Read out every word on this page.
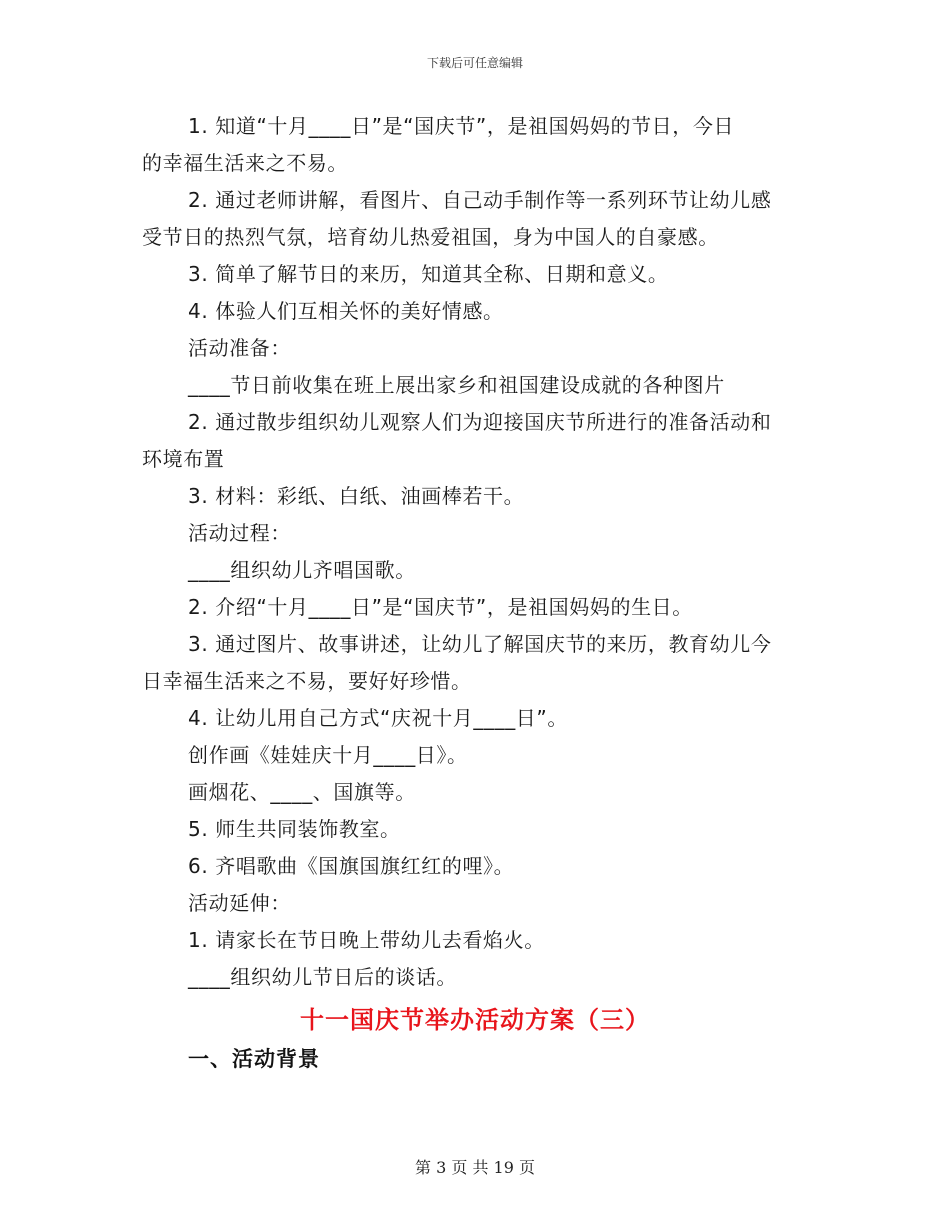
下载后可任意编辑
1. 知道“十月____日”是“国庆节”，是祖国妈妈的节日，今日
的幸福生活来之不易。
2. 通过老师讲解，看图片、自己动手制作等一系列环节让幼儿感
受节日的热烈气氛，培育幼儿热爱祖国，身为中国人的自豪感。
3. 简单了解节日的来历，知道其全称、日期和意义。
4. 体验人们互相关怀的美好情感。
活动准备：
____节日前收集在班上展出家乡和祖国建设成就的各种图片
2. 通过散步组织幼儿观察人们为迎接国庆节所进行的准备活动和
环境布置
3. 材料：彩纸、白纸、油画棒若干。
活动过程：
____组织幼儿齐唱国歌。
2. 介绍“十月____日”是“国庆节”，是祖国妈妈的生日。
3. 通过图片、故事讲述，让幼儿了解国庆节的来历，教育幼儿今
日幸福生活来之不易，要好好珍惜。
4. 让幼儿用自己方式“庆祝十月____日”。
创作画《娃娃庆十月____日》。
画烟花、____、国旗等。
5. 师生共同装饰教室。
6. 齐唱歌曲《国旗国旗红红的哩》。
活动延伸：
1. 请家长在节日晚上带幼儿去看焰火。
____组织幼儿节日后的谈话。
十一国庆节举办活动方案（三）
一、活动背景
第 3 页 共 19 页
